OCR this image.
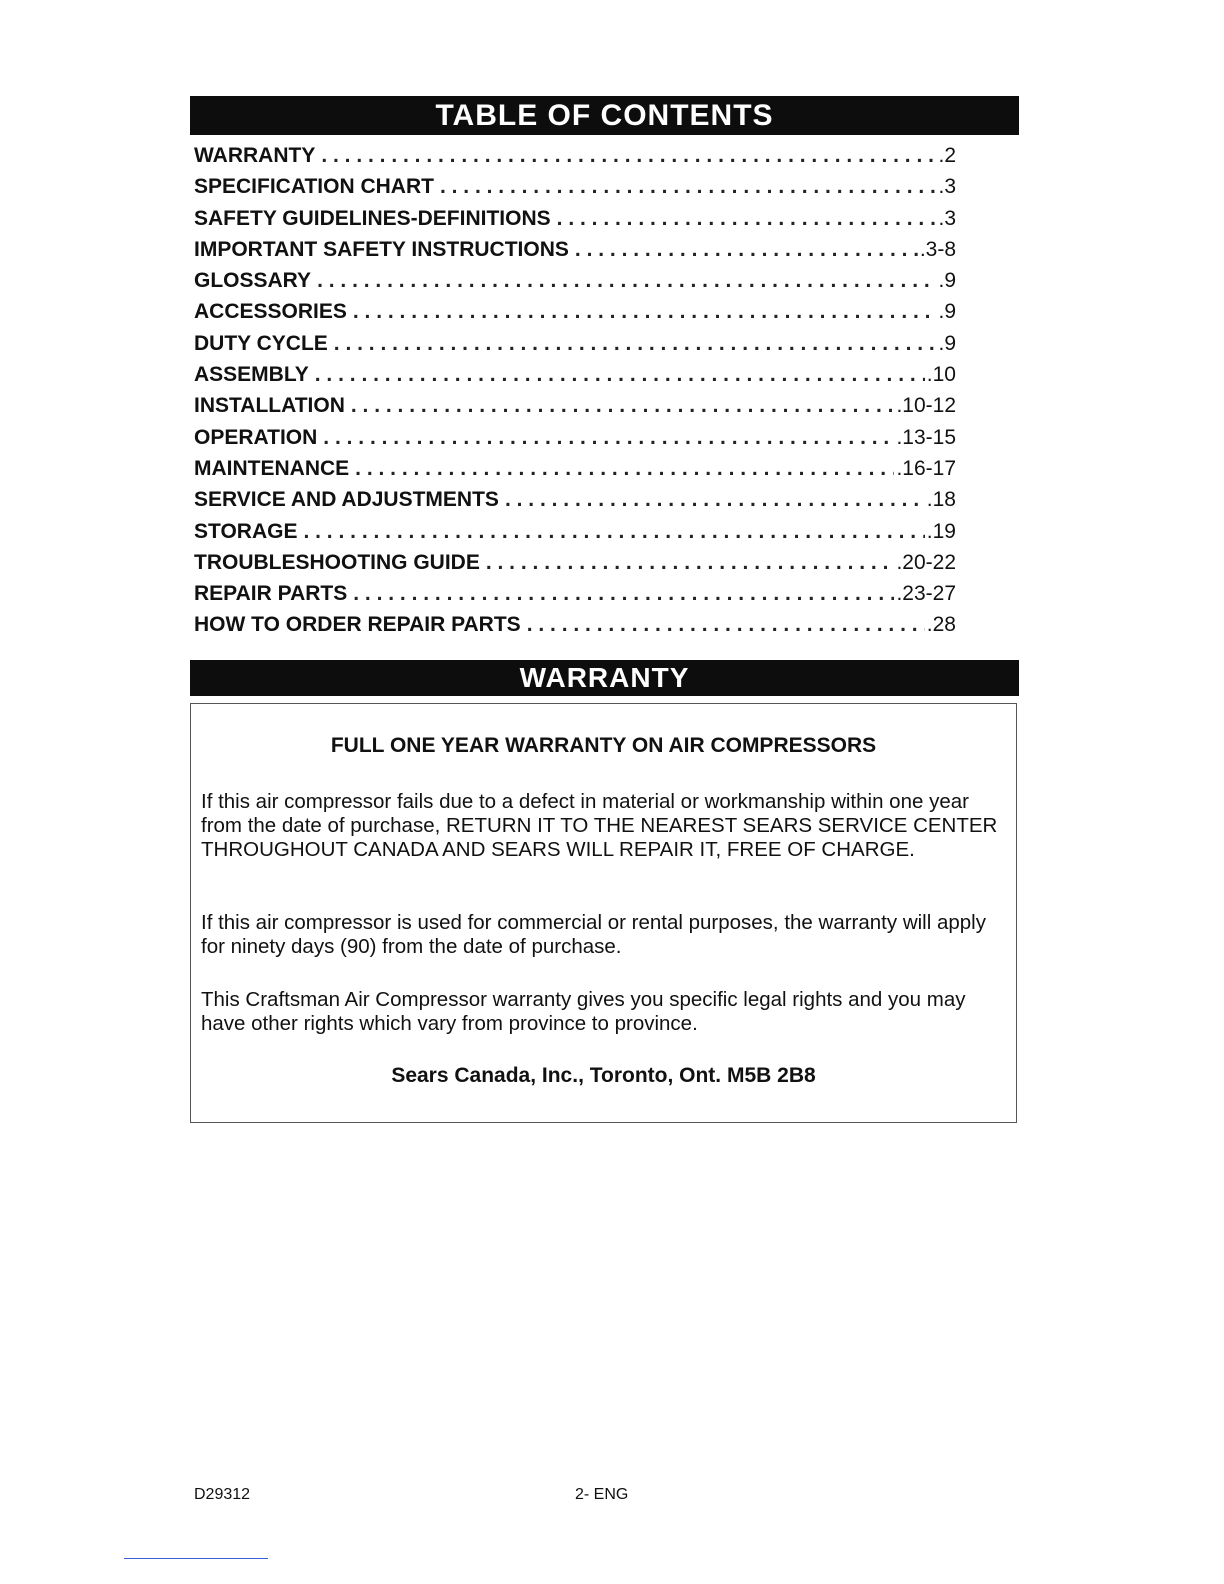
TABLE OF CONTENTS
WARRANTY . . .	.2
SPECIFICATION CHART . . .	.3
SAFETY GUIDELINES-DEFINITIONS . . .	.3
IMPORTANT SAFETY INSTRUCTIONS . . .	.3-8
GLOSSARY . . .	.9
ACCESSORIES . . .	.9
DUTY CYCLE . . .	.9
ASSEMBLY . . .	.10
INSTALLATION . . .	.10-12
OPERATION . . .	.13-15
MAINTENANCE . . .	.16-17
SERVICE AND ADJUSTMENTS . . .	.18
STORAGE . . .	.19
TROUBLESHOOTING GUIDE . . .	.20-22
REPAIR PARTS . . .	.23-27
HOW TO ORDER REPAIR PARTS . . .	.28
WARRANTY
FULL ONE YEAR WARRANTY ON AIR COMPRESSORS

If this air compressor fails due to a defect in material or workmanship within one year from the date of purchase, RETURN IT TO THE NEAREST SEARS SERVICE CENTER THROUGHOUT CANADA AND SEARS WILL REPAIR IT, FREE OF CHARGE.

If this air compressor is used for commercial or rental purposes, the warranty will apply for ninety days (90) from the date of purchase.

This Craftsman Air Compressor warranty gives you specific legal rights and you may have other rights which vary from province to province.

Sears Canada, Inc., Toronto, Ont. M5B 2B8
D29312	2- ENG
